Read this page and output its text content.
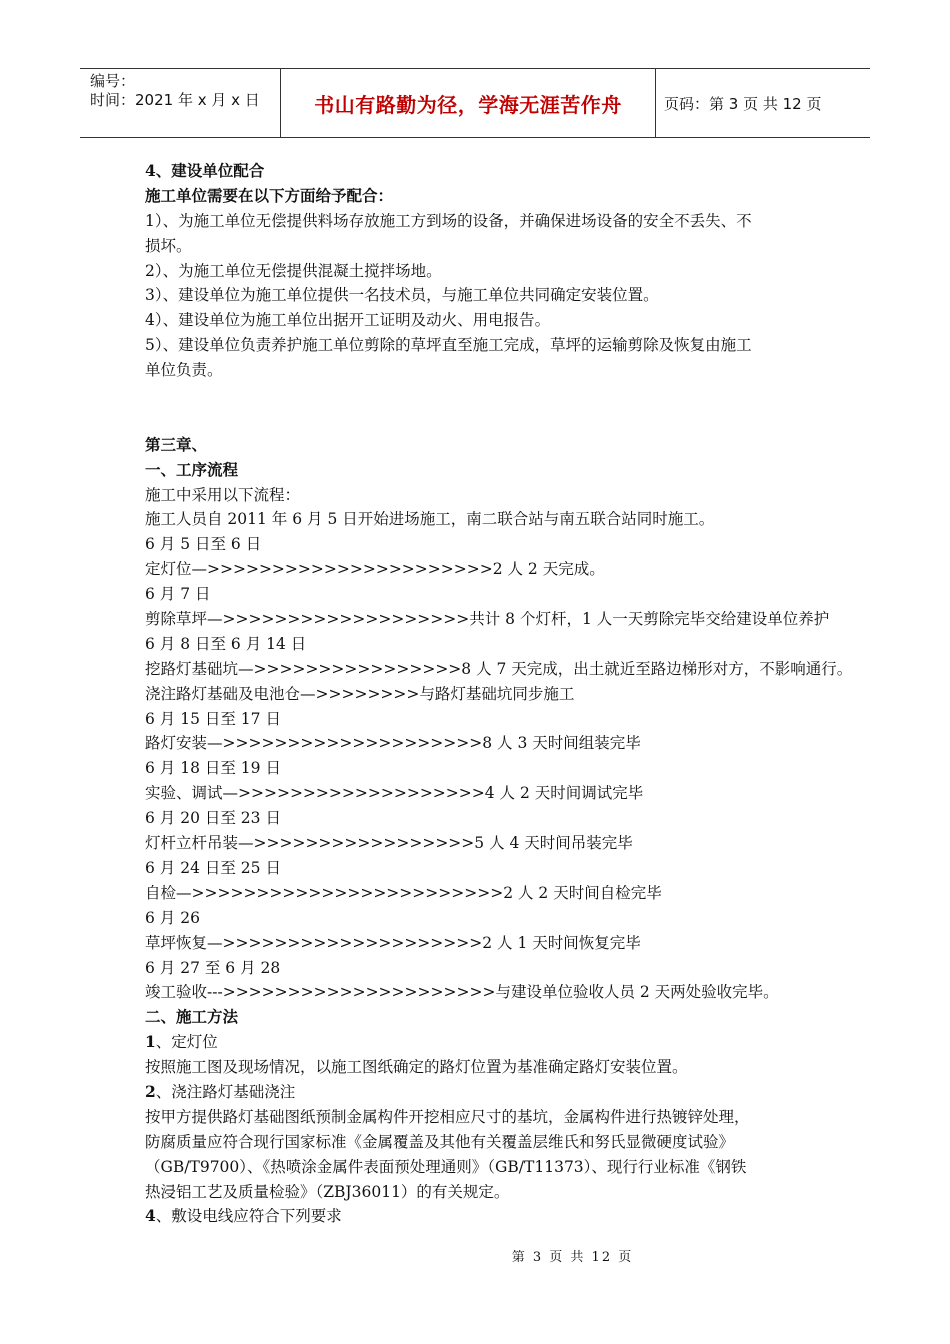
编号：
时间：2021 年 x 月 x 日	书山有路勤为径，学海无涯苦作舟	页码：第 3 页 共 12 页
4、建设单位配合
施工单位需要在以下方面给予配合：
1）、为施工单位无偿提供料场存放施工方到场的设备，并确保进场设备的安全不丢失、不
损坏。
2）、为施工单位无偿提供混凝土搅拌场地。
3）、建设单位为施工单位提供一名技术员，与施工单位共同确定安装位置。
4）、建设单位为施工单位出据开工证明及动火、用电报告。
5）、建设单位负责养护施工单位剪除的草坪直至施工完成，草坪的运输剪除及恢复由施工
单位负责。
第三章、
一、工序流程
施工中采用以下流程：
施工人员自 2011 年 6 月 5 日开始进场施工，南二联合站与南五联合站同时施工。
6 月 5 日至 6 日
定灯位—>>>>>>>>>>>>>>>>>>>>>>2 人 2 天完成。
6 月 7 日
剪除草坪—>>>>>>>>>>>>>>>>>>>共计 8 个灯杆，1 人一天剪除完毕交给建设单位养护
6 月 8 日至 6 月 14 日
挖路灯基础坑—>>>>>>>>>>>>>>>>8 人 7 天完成，出土就近至路边梯形对方，不影响通行。
浇注路灯基础及电池仓—>>>>>>>>与路灯基础坑同步施工
6 月 15 日至 17 日
路灯安装—>>>>>>>>>>>>>>>>>>>>8 人 3 天时间组装完毕
6 月 18 日至 19 日
实验、调试—>>>>>>>>>>>>>>>>>>>4 人 2 天时间调试完毕
6 月 20 日至 23 日
灯杆立杆吊装—>>>>>>>>>>>>>>>>>5 人 4 天时间吊装完毕
6 月 24 日至 25 日
自检—>>>>>>>>>>>>>>>>>>>>>>>>2 人 2 天时间自检完毕
6 月 26
草坪恢复—>>>>>>>>>>>>>>>>>>>>2 人 1 天时间恢复完毕
6 月 27 至 6 月 28
竣工验收--->>>>>>>>>>>>>>>>>>>>>与建设单位验收人员 2 天两处验收完毕。
二、施工方法
1、定灯位
按照施工图及现场情况，以施工图纸确定的路灯位置为基准确定路灯安装位置。
2、浇注路灯基础浇注
按甲方提供路灯基础图纸预制金属构件开挖相应尺寸的基坑，金属构件进行热镀锌处理，
防腐质量应符合现行国家标准《金属覆盖及其他有关覆盖层维氏和努氏显微硬度试验》
（GB/T9700）、《热喷涂金属件表面预处理通则》（GB/T11373）、现行行业标准《钢铁
热浸铝工艺及质量检验》（ZBJ36011）的有关规定。
4、敷设电线应符合下列要求
第 3 页 共 12 页
